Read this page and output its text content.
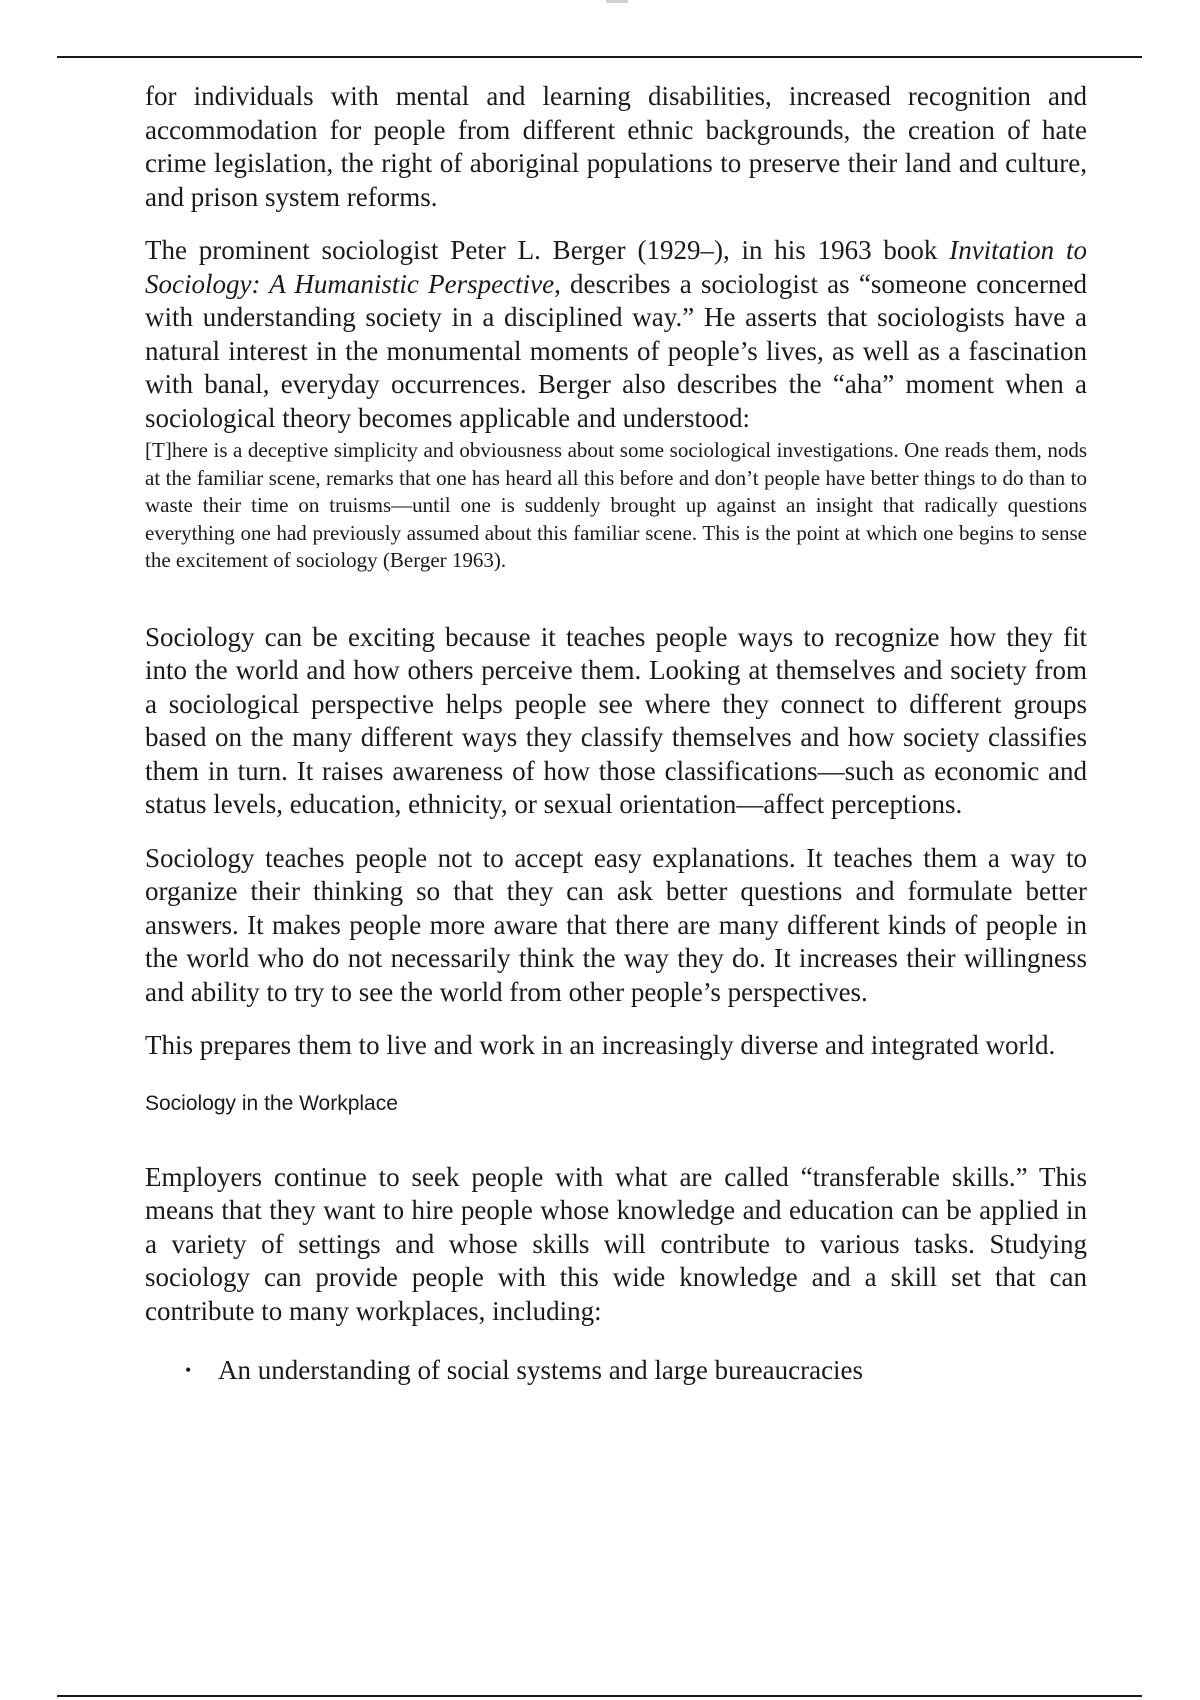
for individuals with mental and learning disabilities, increased recognition and accommodation for people from different ethnic backgrounds, the creation of hate crime legislation, the right of aboriginal populations to preserve their land and culture, and prison system reforms.

The prominent sociologist Peter L. Berger (1929–), in his 1963 book Invitation to Sociology: A Humanistic Perspective, describes a sociologist as “someone concerned with understanding society in a disciplined way.” He asserts that sociologists have a natural interest in the monumental moments of people’s lives, as well as a fascination with banal, everyday occurrences. Berger also describes the “aha” moment when a sociological theory becomes applicable and understood:

[T]here is a deceptive simplicity and obviousness about some sociological investigations. One reads them, nods at the familiar scene, remarks that one has heard all this before and don’t people have better things to do than to waste their time on truisms—until one is suddenly brought up against an insight that radically questions everything one had previously assumed about this familiar scene. This is the point at which one begins to sense the excitement of sociology (Berger 1963).

Sociology can be exciting because it teaches people ways to recognize how they fit into the world and how others perceive them. Looking at themselves and society from a sociological perspective helps people see where they connect to different groups based on the many different ways they classify themselves and how society classifies them in turn. It raises awareness of how those classifications—such as economic and status levels, education, ethnicity, or sexual orientation—affect perceptions.

Sociology teaches people not to accept easy explanations. It teaches them a way to organize their thinking so that they can ask better questions and formulate better answers. It makes people more aware that there are many different kinds of people in the world who do not necessarily think the way they do. It increases their willingness and ability to try to see the world from other people’s perspectives.

This prepares them to live and work in an increasingly diverse and integrated world.

Sociology in the Workplace

Employers continue to seek people with what are called “transferable skills.” This means that they want to hire people whose knowledge and education can be applied in a variety of settings and whose skills will contribute to various tasks. Studying sociology can provide people with this wide knowledge and a skill set that can contribute to many workplaces, including:

• An understanding of social systems and large bureaucracies
